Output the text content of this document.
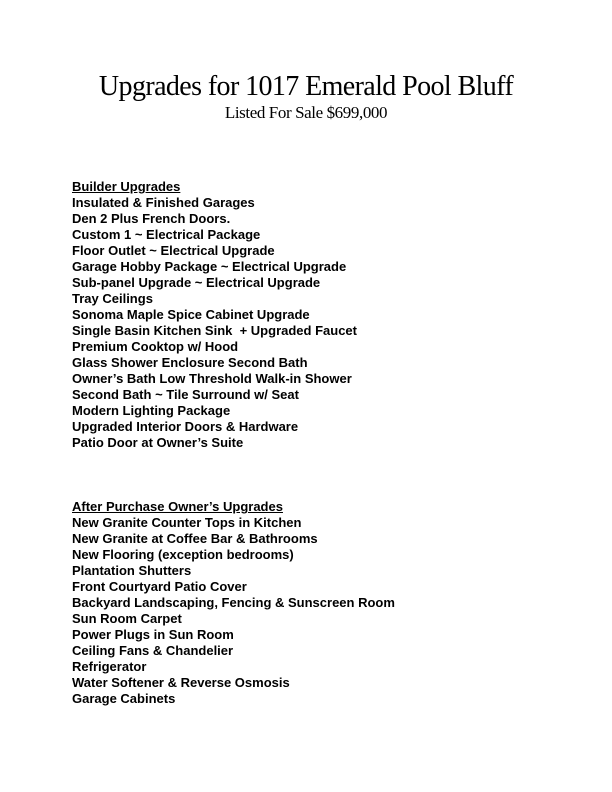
Upgrades for 1017 Emerald Pool Bluff
Listed For Sale $699,000
Builder Upgrades
Insulated & Finished Garages
Den 2 Plus French Doors.
Custom 1 ~ Electrical Package
Floor Outlet ~ Electrical Upgrade
Garage Hobby Package ~ Electrical Upgrade
Sub-panel Upgrade ~ Electrical Upgrade
Tray Ceilings
Sonoma Maple Spice Cabinet Upgrade
Single Basin Kitchen Sink  + Upgraded Faucet
Premium Cooktop w/ Hood
Glass Shower Enclosure Second Bath
Owner’s Bath Low Threshold Walk-in Shower
Second Bath ~ Tile Surround w/ Seat
Modern Lighting Package
Upgraded Interior Doors & Hardware
Patio Door at Owner’s Suite
After Purchase Owner’s Upgrades
New Granite Counter Tops in Kitchen
New Granite at Coffee Bar & Bathrooms
New Flooring (exception bedrooms)
Plantation Shutters
Front Courtyard Patio Cover
Backyard Landscaping, Fencing & Sunscreen Room
Sun Room Carpet
Power Plugs in Sun Room
Ceiling Fans & Chandelier
Refrigerator
Water Softener & Reverse Osmosis
Garage Cabinets
